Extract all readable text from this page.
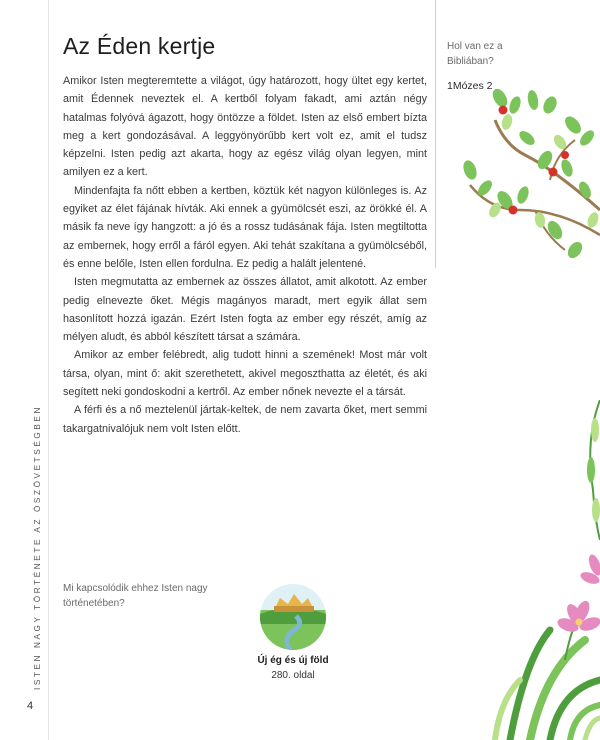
Az Éden kertje

Amikor Isten megteremtette a világot, úgy határozott, hogy ültet egy kertet, amit Édennek neveztek el. A kertből folyam fakadt, ami aztán négy hatalmas folyóvá ágazott, hogy öntözze a földet. Isten az első embert bízta meg a kert gondozásával. A leggyönyörűbb kert volt ez, amit el tudsz képzelni. Isten pedig azt akarta, hogy az egész világ olyan legyen, mint amilyen ez a kert.

Mindenfajta fa nőtt ebben a kertben, köztük két nagyon különleges is. Az egyiket az élet fájának hívták. Aki ennek a gyümölcsét eszi, az örökké él. A másik fa neve így hangzott: a jó és a rossz tudásának fája. Isten megtiltotta az embernek, hogy erről a fáról egyen. Aki tehát szakítana a gyümölcséből, és enne belőle, Isten ellen fordulna. Ez pedig a halált jelentené.

Isten megmutatta az embernek az összes állatot, amit alkotott. Az ember pedig elnevezte őket. Mégis magányos maradt, mert egyik állat sem hasonlított hozzá igazán. Ezért Isten fogta az ember egy részét, amíg az mélyen aludt, és abból készített társat a számára.

Amikor az ember felébredt, alig tudott hinni a szemének! Most már volt társa, olyan, mint ő: akit szerethetett, akivel megoszthatta az életét, és aki segített neki gondoskodni a kertről. Az ember nőnek nevezte el a társát.

A férfi és a nő meztelenül jártak-keltek, de nem zavarta őket, mert semmi takargatnivalójuk nem volt Isten előtt.

Hol van ez a Bibliában?
1Mózes 2
ISTEN NAGY TÖRTÉNETE AZ ÓSZÖVETSÉGBEN
4
Mi kapcsolódik ehhez Isten nagy történetében?
Új ég és új föld
280. oldal
